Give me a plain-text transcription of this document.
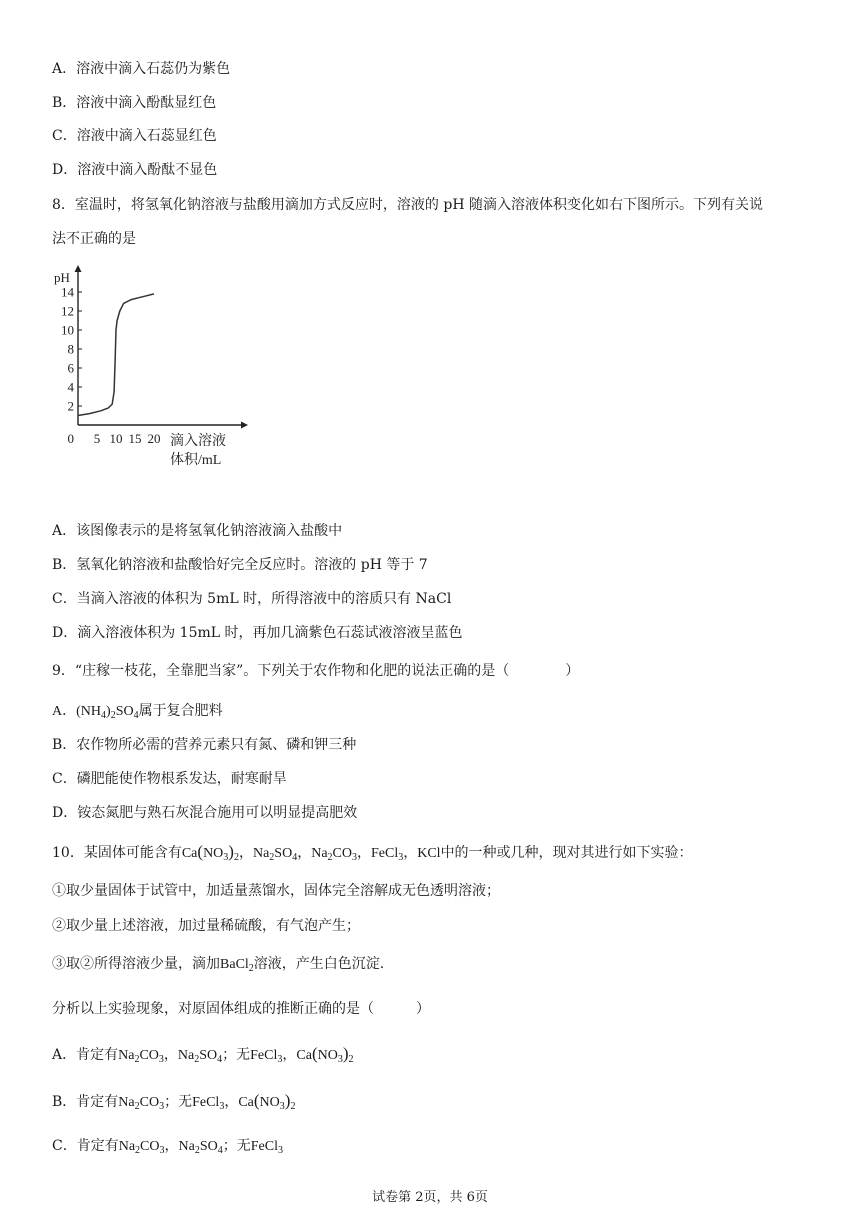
A．溶液中滴入石蕊仍为紫色
B．溶液中滴入酚酞显红色
C．溶液中滴入石蕊显红色
D．溶液中滴入酚酞不显色
8．室温时，将氢氧化钠溶液与盐酸用滴加方式反应时，溶液的 pH 随滴入溶液体积变化如右下图所示。下列有关说
法不正确的是
pH
2
4
6
8
10
12
14
0 5 10 15 20 滴入溶液
体积/mL
A．该图像表示的是将氢氧化钠溶液滴入盐酸中
B．氢氧化钠溶液和盐酸恰好完全反应时。溶液的 pH 等于 7
C．当滴入溶液的体积为 5mL 时，所得溶液中的溶质只有 NaCl
D．滴入溶液体积为 15mL 时，再加几滴紫色石蕊试液溶液呈蓝色
9．“庄稼一枝花，全靠肥当家”。下列关于农作物和化肥的说法正确的是（　　　　）
A．$(NH_4)_2SO_4$属于复合肥料
B．农作物所必需的营养元素只有氮、磷和钾三种
C．磷肥能使作物根系发达，耐寒耐旱
D．铵态氮肥与熟石灰混合施用可以明显提高肥效
10．某固体可能含有$Ca(NO_3)_2$，$Na_2SO_4$，$Na_2CO_3$，FeCl$_3$，KCl中的一种或几种，现对其进行如下实验：
①取少量固体于试管中，加适量蒸馏水，固体完全溶解成无色透明溶液；
②取少量上述溶液，加过量稀硫酸，有气泡产生；
③取②所得溶液少量，滴加BaCl$_2$溶液，产生白色沉淀.
分析以上实验现象，对原固体组成的推断正确的是（　　　）
A．肯定有$Na_2CO_3$，$Na_2SO_4$；无FeCl$_3$，$Ca(NO_3)_2$
B．肯定有$Na_2CO_3$；无FeCl$_3$，$Ca(NO_3)_2$
C．肯定有$Na_2CO_3$，$Na_2SO_4$；无FeCl$_3$
试卷第 2页，共 6页
